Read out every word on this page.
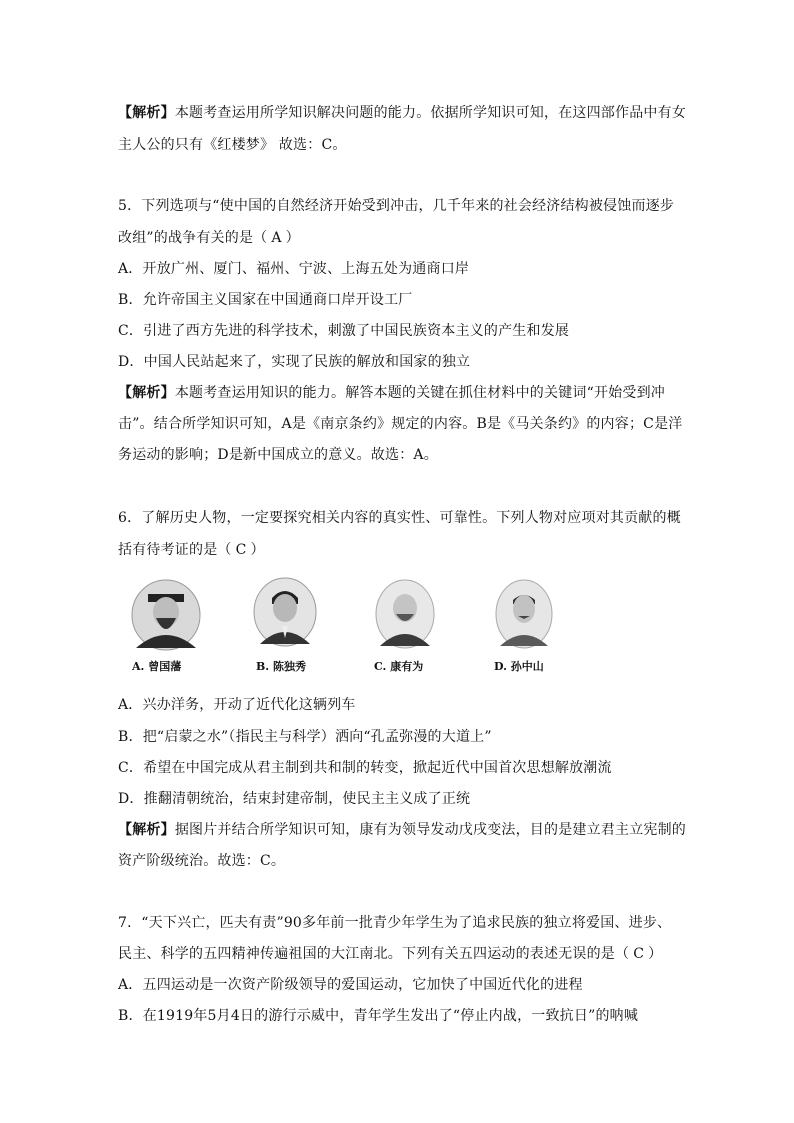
【解析】本题考查运用所学知识解决问题的能力。依据所学知识可知，在这四部作品中有女
主人公的只有《红楼梦》 故选：C。
5．下列选项与“使中国的自然经济开始受到冲击，几千年来的社会经济结构被侵蚀而逐步
改组”的战争有关的是（ A ）
A．开放广州、厦门、福州、宁波、上海五处为通商口岸
B．允许帝国主义国家在中国通商口岸开设工厂
C．引进了西方先进的科学技术，刺激了中国民族资本主义的产生和发展
D．中国人民站起来了，实现了民族的解放和国家的独立
【解析】本题考查运用知识的能力。解答本题的关键在抓住材料中的关键词“开始受到冲
击”。结合所学知识可知，A是《南京条约》规定的内容。B是《马关条约》的内容；C是洋
务运动的影响；D是新中国成立的意义。故选：A。
6．了解历史人物，一定要探究相关内容的真实性、可靠性。下列人物对应项对其贡献的概
括有待考证的是（ C ）
A. 曾国藩	B. 陈独秀	C. 康有为	D. 孙中山
A．兴办洋务，开动了近代化这辆列车
B．把“启蒙之水”（指民主与科学）洒向“孔孟弥漫的大道上”
C．希望在中国完成从君主制到共和制的转变，掀起近代中国首次思想解放潮流
D．推翻清朝统治，结束封建帝制，使民主主义成了正统
【解析】据图片并结合所学知识可知，康有为领导发动戊戌变法，目的是建立君主立宪制的
资产阶级统治。故选：C。
7．“天下兴亡，匹夫有责”90多年前一批青少年学生为了追求民族的独立将爱国、进步、
民主、科学的五四精神传遍祖国的大江南北。下列有关五四运动的表述无误的是（ C ）
A．五四运动是一次资产阶级领导的爱国运动，它加快了中国近代化的进程
B．在1919年5月4日的游行示威中，青年学生发出了“停止内战，一致抗日”的呐喊
